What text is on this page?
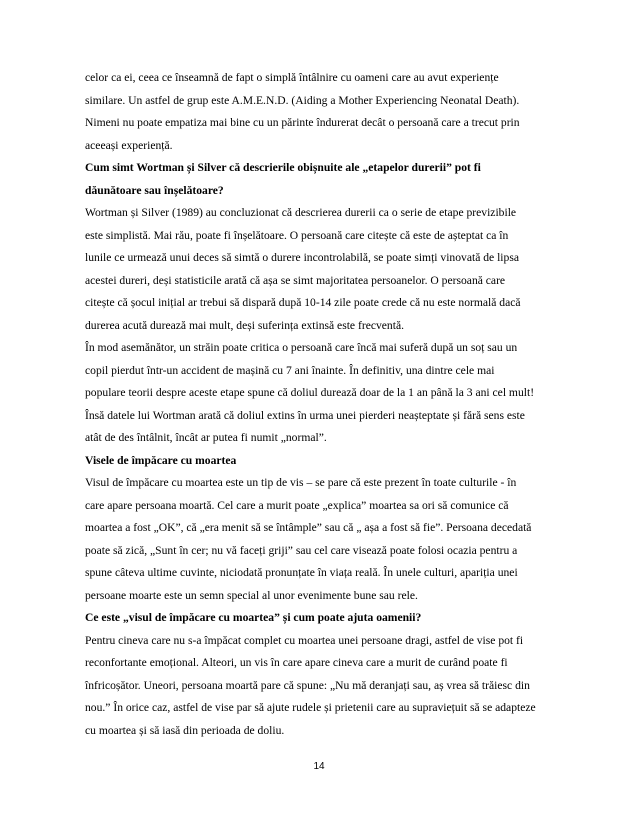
celor ca ei, ceea ce înseamnă de fapt o simplă întâlnire cu oameni care au avut experiențe
similare. Un astfel de grup este A.M.E.N.D. (Aiding a Mother Experiencing Neonatal Death).
Nimeni nu poate empatiza mai bine cu un părinte îndurerat decât o persoană care a trecut prin
aceeași experiență.
Cum simt Wortman și Silver că descrierile obișnuite ale „etapelor durerii” pot fi
dăunătoare sau înșelătoare?
Wortman și Silver (1989) au concluzionat că descrierea durerii ca o serie de etape previzibile
este simplistă. Mai rău, poate fi înșelătoare. O persoană care citește că este de așteptat ca în
lunile ce urmează unui deces să simtă o durere incontrolabilă, se poate simți vinovată de lipsa
acestei dureri, deși statisticile arată că așa se simt majoritatea persoanelor. O persoană care
citește că șocul inițial ar trebui să dispară după 10-14 zile poate crede că nu este normală dacă
durerea acută durează mai mult, deși suferința extinsă este frecventă.
În mod asemănător, un străin poate critica o persoană care încă mai suferă după un soț sau un
copil pierdut într-un accident de mașină cu 7 ani înainte. În definitiv, una dintre cele mai
populare teorii despre aceste etape spune că doliul durează doar de la 1 an până la 3 ani cel mult!
Însă datele lui Wortman arată că doliul extins în urma unei pierderi neașteptate și fără sens este
atât de des întâlnit, încât ar putea fi numit „normal”.
Visele de împăcare cu moartea
Visul de împăcare cu moartea este un tip de vis – se pare că este prezent în toate culturile - în
care apare persoana moartă. Cel care a murit poate „explica” moartea sa ori să comunice că
moartea a fost „OK”, că „era menit să se întâmple” sau că „ așa a fost să fie”. Persoana decedată
poate să zică, „Sunt în cer; nu vă faceți griji” sau cel care visează poate folosi ocazia pentru a
spune câteva ultime cuvinte, niciodată pronunțate în viața reală. În unele culturi, apariția unei
persoane moarte este un semn special al unor evenimente bune sau rele.
Ce este „visul de împăcare cu moartea” și cum poate ajuta oamenii?
Pentru cineva care nu s-a împăcat complet cu moartea unei persoane dragi, astfel de vise pot fi
reconfortante emoțional. Alteori, un vis în care apare cineva care a murit de curând poate fi
înfricoșător. Uneori, persoana moartă pare că spune: „Nu mă deranjați sau, aș vrea să trăiesc din
nou.” În orice caz, astfel de vise par să ajute rudele și prietenii care au supraviețuit să se adapteze
cu moartea și să iasă din perioada de doliu.
14
